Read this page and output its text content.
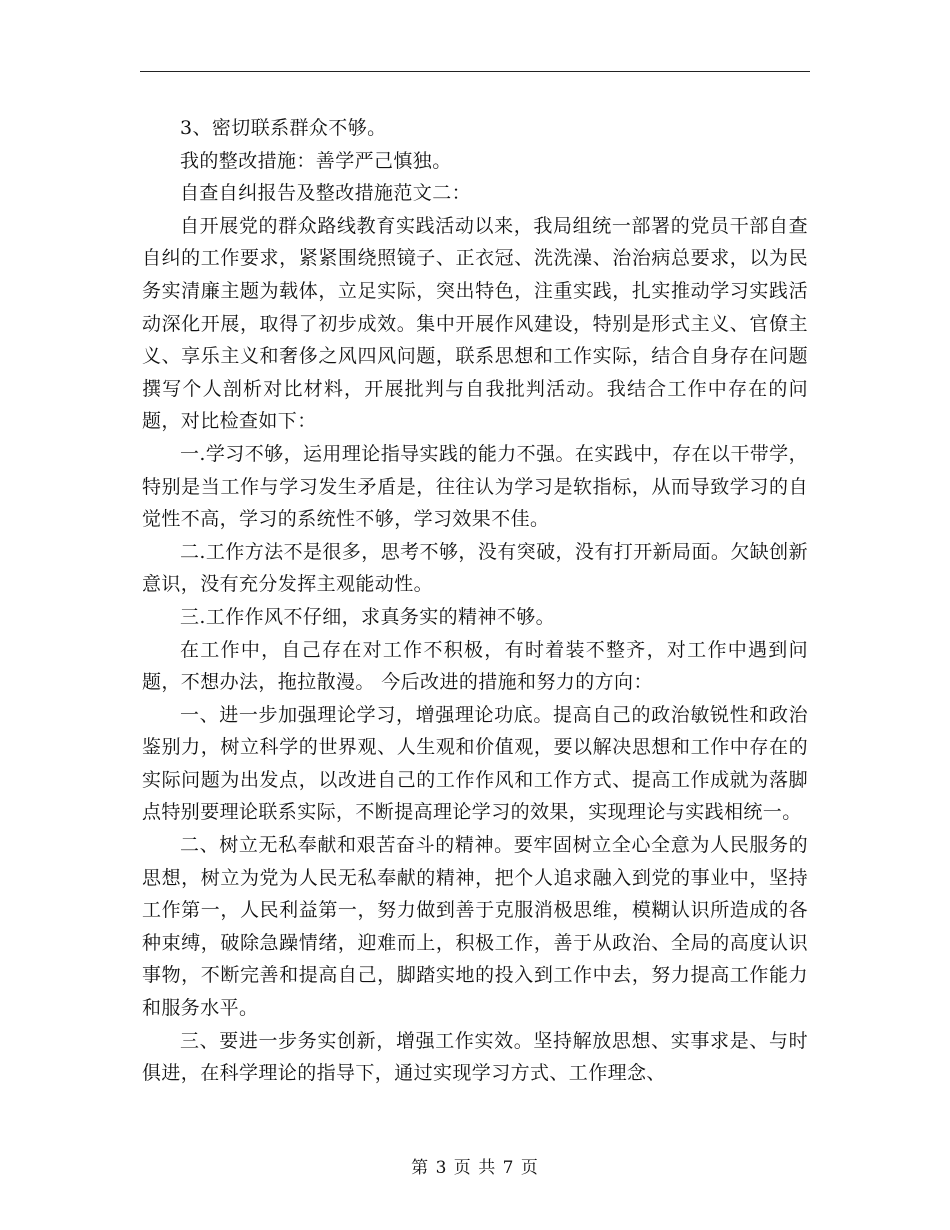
3、密切联系群众不够。

我的整改措施：善学严己慎独。

自查自纠报告及整改措施范文二：

自开展党的群众路线教育实践活动以来，我局组统一部署的党员干部自查自纠的工作要求，紧紧围绕照镜子、正衣冠、洗洗澡、治治病总要求，以为民务实清廉主题为载体，立足实际，突出特色，注重实践，扎实推动学习实践活动深化开展，取得了初步成效。集中开展作风建设，特别是形式主义、官僚主义、享乐主义和奢侈之风四风问题，联系思想和工作实际，结合自身存在问题撰写个人剖析对比材料，开展批判与自我批判活动。我结合工作中存在的问题，对比检查如下：

一.学习不够，运用理论指导实践的能力不强。在实践中，存在以干带学，特别是当工作与学习发生矛盾是，往往认为学习是软指标，从而导致学习的自觉性不高，学习的系统性不够，学习效果不佳。

二.工作方法不是很多，思考不够，没有突破，没有打开新局面。欠缺创新意识，没有充分发挥主观能动性。

三.工作作风不仔细，求真务实的精神不够。

在工作中，自己存在对工作不积极，有时着装不整齐，对工作中遇到问题，不想办法，拖拉散漫。 今后改进的措施和努力的方向：

一、进一步加强理论学习，增强理论功底。提高自己的政治敏锐性和政治鉴别力，树立科学的世界观、人生观和价值观，要以解决思想和工作中存在的实际问题为出发点，以改进自己的工作作风和工作方式、提高工作成就为落脚点特别要理论联系实际，不断提高理论学习的效果，实现理论与实践相统一。

二、树立无私奉献和艰苦奋斗的精神。要牢固树立全心全意为人民服务的思想，树立为党为人民无私奉献的精神，把个人追求融入到党的事业中，坚持工作第一，人民利益第一，努力做到善于克服消极思维，模糊认识所造成的各种束缚，破除急躁情绪，迎难而上，积极工作，善于从政治、全局的高度认识事物，不断完善和提高自己，脚踏实地的投入到工作中去，努力提高工作能力和服务水平。

三、要进一步务实创新，增强工作实效。坚持解放思想、实事求是、与时俱进，在科学理论的指导下，通过实现学习方式、工作理念、

第 3 页 共 7 页
